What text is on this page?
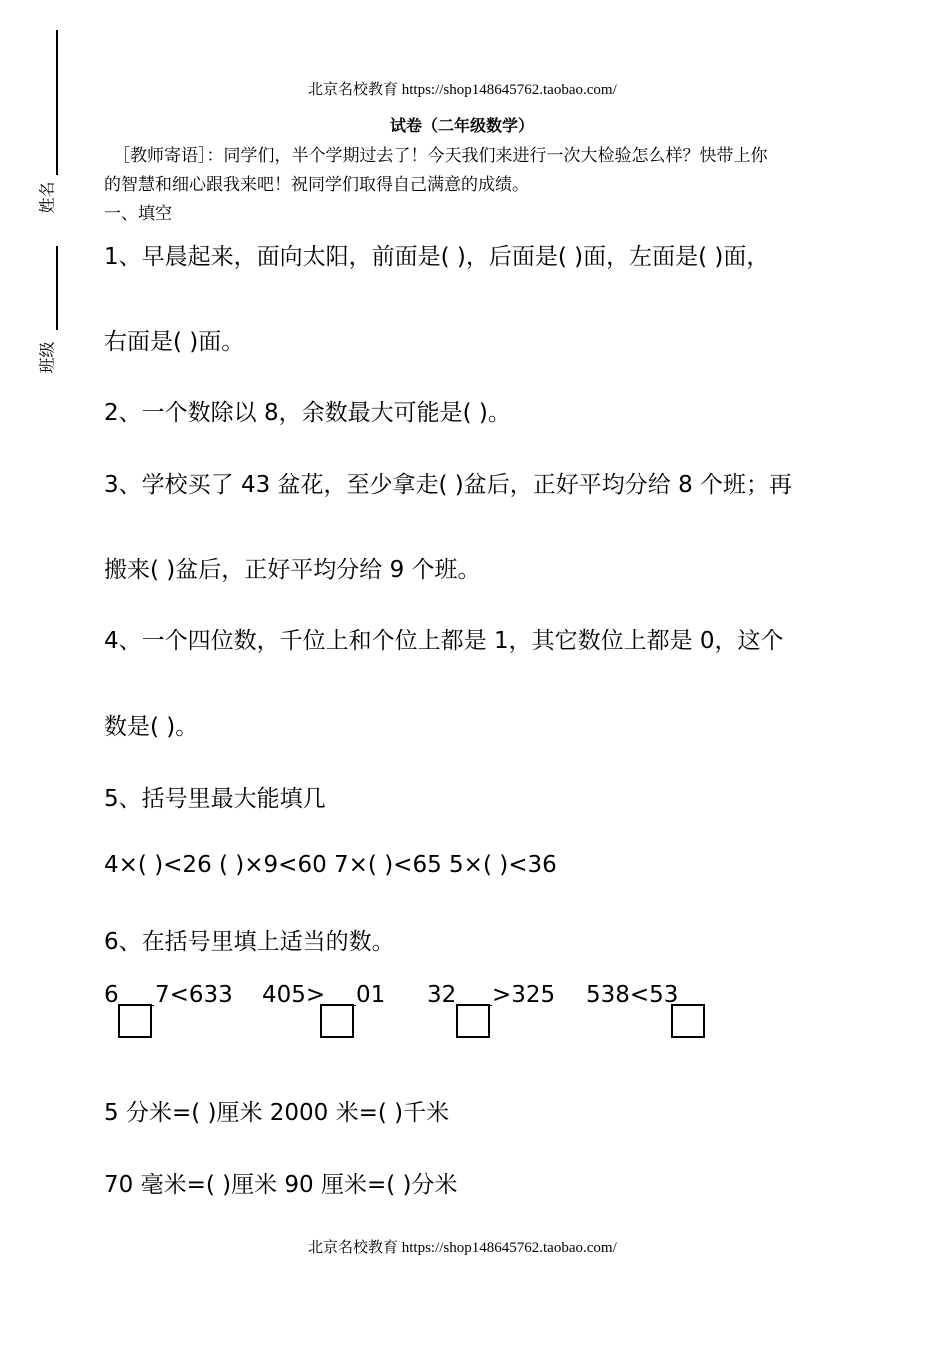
北京名校教育 https://shop148645762.taobao.com/
姓名
班级
试卷（二年级数学）
［教师寄语］：同学们，半个学期过去了！今天我们来进行一次大检验怎么样？快带上你
的智慧和细心跟我来吧！祝同学们取得自己满意的成绩。
一、填空
1、早晨起来，面向太阳，前面是( )，后面是( )面，左面是( )面，
右面是( )面。
2、一个数除以 8，余数最大可能是( )。
3、学校买了 43 盆花，至少拿走( )盆后，正好平均分给 8 个班；再
搬来( )盆后，正好平均分给 9 个班。
4、一个四位数，千位上和个位上都是 1，其它数位上都是 0，这个
数是( )。
5、括号里最大能填几
4×( )<26 ( )×9<60 7×( )<65 5×( )<36
6、在括号里填上适当的数。
6 7<633 405> 01 32 >325 538<53
5 分米=( )厘米 2000 米=( )千米
70 毫米=( )厘米 90 厘米=( )分米
北京名校教育 https://shop148645762.taobao.com/
